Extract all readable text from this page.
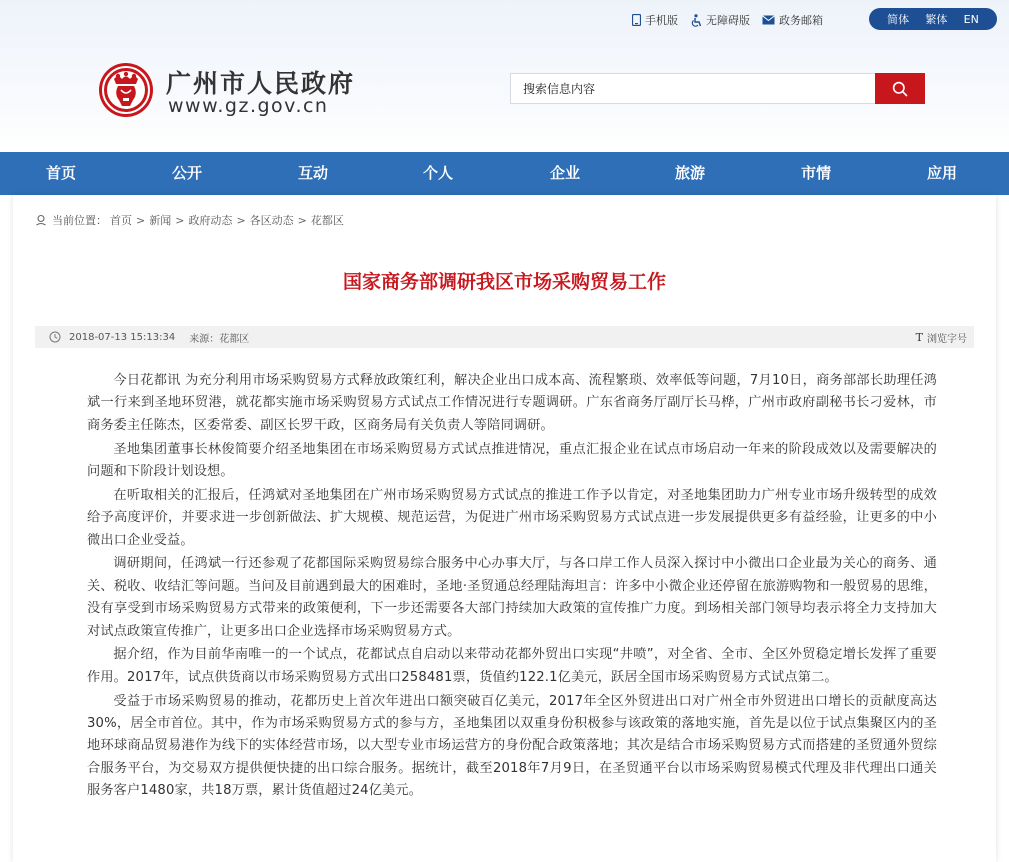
手机版	无障碍版	政务邮箱	简体 繁体 EN
广州市人民政府
www.gz.gov.cn
搜索信息内容
首页	公开	互动	个人	企业	旅游	市情	应用
当前位置： 首页 > 新闻 > 政府动态 > 各区动态 > 花都区
国家商务部调研我区市场采购贸易工作
2018-07-13 15:13:34 来源：花都区	T 浏览字号

今日花都讯 为充分利用市场采购贸易方式释放政策红利，解决企业出口成本高、流程繁琐、效率低等问题，7月10日，商务部部长助理任鸿斌一行来到圣地环贸港，就花都实施市场采购贸易方式试点工作情况进行专题调研。广东省商务厅副厅长马桦，广州市政府副秘书长刁爱林，市商务委主任陈杰，区委常委、副区长罗干政，区商务局有关负责人等陪同调研。

圣地集团董事长林俊简要介绍圣地集团在市场采购贸易方式试点推进情况，重点汇报企业在试点市场启动一年来的阶段成效以及需要解决的问题和下阶段计划设想。

在听取相关的汇报后，任鸿斌对圣地集团在广州市场采购贸易方式试点的推进工作予以肯定，对圣地集团助力广州专业市场升级转型的成效给予高度评价，并要求进一步创新做法、扩大规模、规范运营，为促进广州市场采购贸易方式试点进一步发展提供更多有益经验，让更多的中小微出口企业受益。

调研期间，任鸿斌一行还参观了花都国际采购贸易综合服务中心办事大厅，与各口岸工作人员深入探讨中小微出口企业最为关心的商务、通关、税收、收结汇等问题。当问及目前遇到最大的困难时，圣地·圣贸通总经理陆海坦言：许多中小微企业还停留在旅游购物和一般贸易的思维，没有享受到市场采购贸易方式带来的政策便利，下一步还需要各大部门持续加大政策的宣传推广力度。到场相关部门领导均表示将全力支持加大对试点政策宣传推广，让更多出口企业选择市场采购贸易方式。

据介绍，作为目前华南唯一的一个试点，花都试点自启动以来带动花都外贸出口实现“井喷”，对全省、全市、全区外贸稳定增长发挥了重要作用。2017年，试点供货商以市场采购贸易方式出口258481票，货值约122.1亿美元，跃居全国市场采购贸易方式试点第二。

受益于市场采购贸易的推动，花都历史上首次年进出口额突破百亿美元，2017年全区外贸进出口对广州全市外贸进出口增长的贡献度高达30%，居全市首位。其中，作为市场采购贸易方式的参与方，圣地集团以双重身份积极参与该政策的落地实施，首先是以位于试点集聚区内的圣地环球商品贸易港作为线下的实体经营市场，以大型专业市场运营方的身份配合政策落地；其次是结合市场采购贸易方式而搭建的圣贸通外贸综合服务平台，为交易双方提供便快捷的出口综合服务。据统计，截至2018年7月9日，在圣贸通平台以市场采购贸易模式代理及非代理出口通关服务客户1480家，共18万票，累计货值超过24亿美元。
